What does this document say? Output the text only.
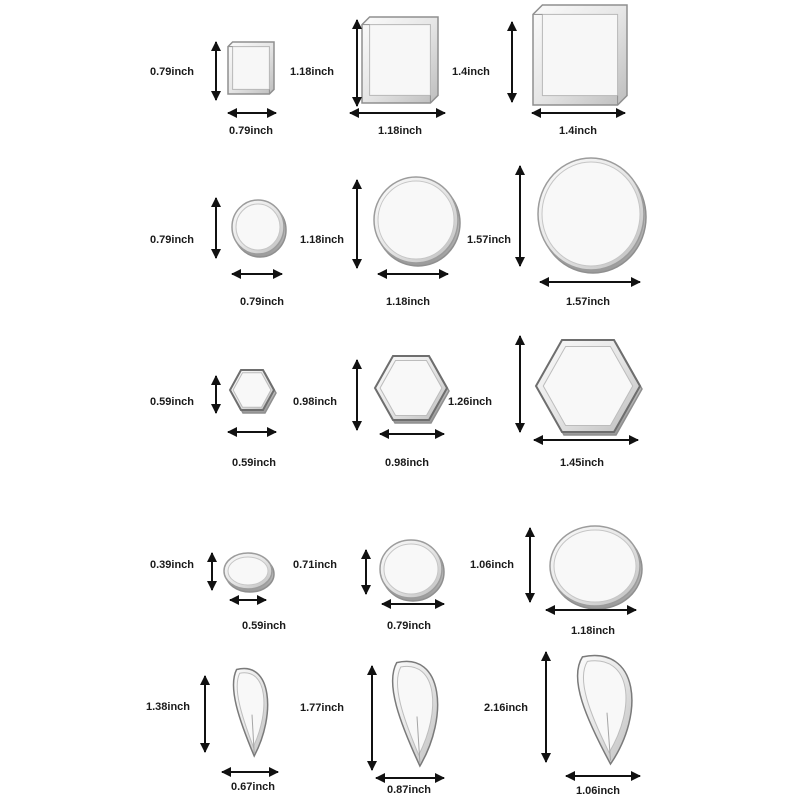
0.79inch
0.79inch
1.18inch
1.18inch
1.4inch
1.4inch
0.79inch
0.79inch
1.18inch
1.18inch
1.57inch
1.57inch
0.59inch
0.59inch
0.98inch
0.98inch
1.26inch
1.45inch
0.39inch
0.59inch
0.71inch
0.79inch
1.06inch
1.18inch
1.38inch
0.67inch
1.77inch
0.87inch
2.16inch
1.06inch
